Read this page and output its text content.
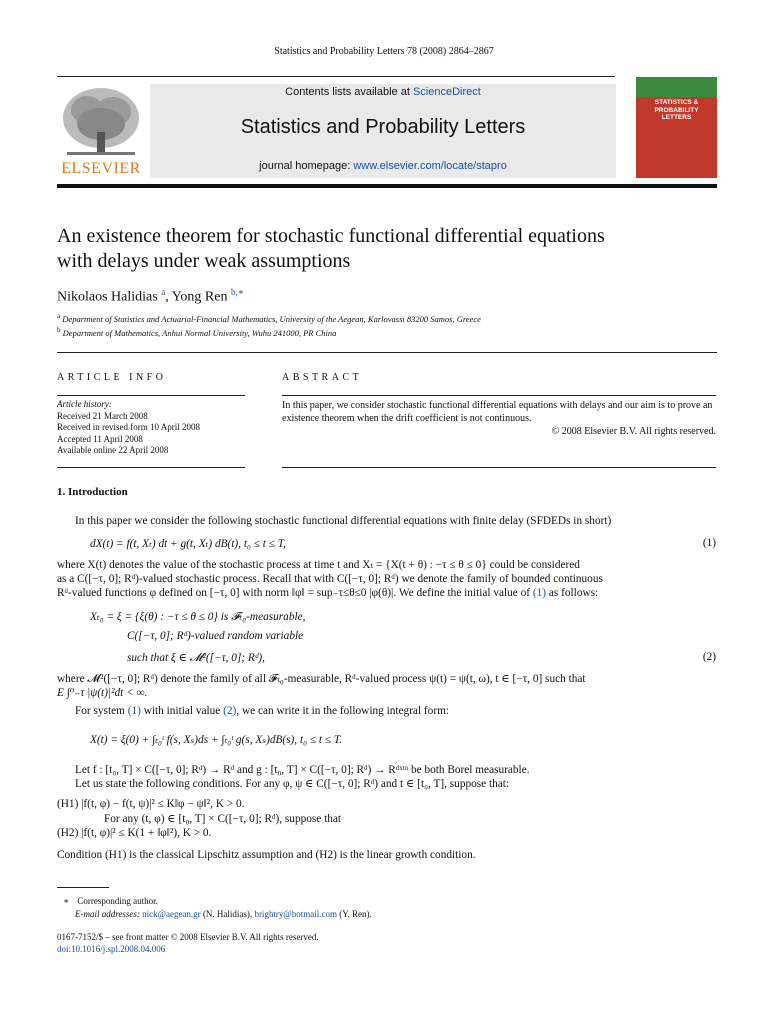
Statistics and Probability Letters 78 (2008) 2864–2867
ELSEVIER
Contents lists available at ScienceDirect
Statistics and Probability Letters
journal homepage: www.elsevier.com/locate/stapro
STATISTICS & PROBABILITY LETTERS
An existence theorem for stochastic functional differential equations
with delays under weak assumptions
Nikolaos Halidias $^a$, Yong Ren $^{b,∗}$
$^a$ Department of Statistics and Actuarial-Financial Mathematics, University of the Aegean, Karlovassi 83200 Samos, Greece
$^b$ Department of Mathematics, Anhui Normal University, Wuhu 241000, PR China
ARTICLE INFO	ABSTRACT
Article history:
Received 21 March 2008
Received in revised form 10 April 2008
Accepted 11 April 2008
Available online 22 April 2008
In this paper, we consider stochastic functional differential equations with delays and our aim is to prove an existence theorem when the drift coefficient is not continuous.
© 2008 Elsevier B.V. All rights reserved.
1. Introduction
In this paper we consider the following stochastic functional differential equations with finite delay (SFDEDs in short)
dX(t) = f(t, Xₜ) dt + g(t, Xₜ) dB(t), t₀ ≤ t ≤ T,	(1)
where X(t) denotes the value of the stochastic process at time t and Xₜ = {X(t + θ) : −τ ≤ θ ≤ 0} could be considered
as a C([−τ, 0]; Rᵈ)-valued stochastic process. Recall that with C([−τ, 0]; Rᵈ) we denote the family of bounded continuous
Rᵈ-valued functions φ defined on [−τ, 0] with norm ‖φ‖ = sup₋τ≤θ≤0 |φ(θ)|. We define the initial value of (1) as follows:
Xₜ₀ = ξ = {ξ(θ) : −τ ≤ θ ≤ 0} is 𝓕ₜ₀-measurable,
C([−τ, 0]; Rᵈ)-valued random variable
such that ξ ∈ 𝓜²([−τ, 0]; Rᵈ),	(2)
where 𝓜²([−τ, 0]; Rᵈ) denote the family of all 𝓕ₜ₀-measurable, Rᵈ-valued process ψ(t) = ψ(t, ω), t ∈ [−τ, 0] such that
E ∫⁰₋τ |ψ(t)|²dt < ∞.
For system (1) with initial value (2), we can write it in the following integral form:
X(t) = ξ(0) + ∫ₜ₀ᵗ f(s, Xₛ)ds + ∫ₜ₀ᵗ g(s, Xₛ)dB(s), t₀ ≤ t ≤ T.
Let f : [t₀, T] × C([−τ, 0]; Rᵈ) → Rᵈ and g : [t₀, T] × C([−τ, 0]; Rᵈ) → Rᵈˣᵐ be both Borel measurable.
Let us state the following conditions. For any φ, ψ ∈ C([−τ, 0]; Rᵈ) and t ∈ [t₀, T], suppose that:
(H1) |f(t, φ) − f(t, ψ)|² ≤ K‖φ − ψ‖², K > 0.
For any (t, φ) ∈ [t₀, T] × C([−τ, 0]; Rᵈ), suppose that
(H2) |f(t, φ)|² ≤ K(1 + ‖φ‖²), K > 0.
Condition (H1) is the classical Lipschitz assumption and (H2) is the linear growth condition.
∗ Corresponding author.
E-mail addresses: nick@aegean.gr (N. Halidias), brightry@hotmail.com (Y. Ren).
0167-7152/$ – see front matter © 2008 Elsevier B.V. All rights reserved.
doi:10.1016/j.spl.2008.04.006
